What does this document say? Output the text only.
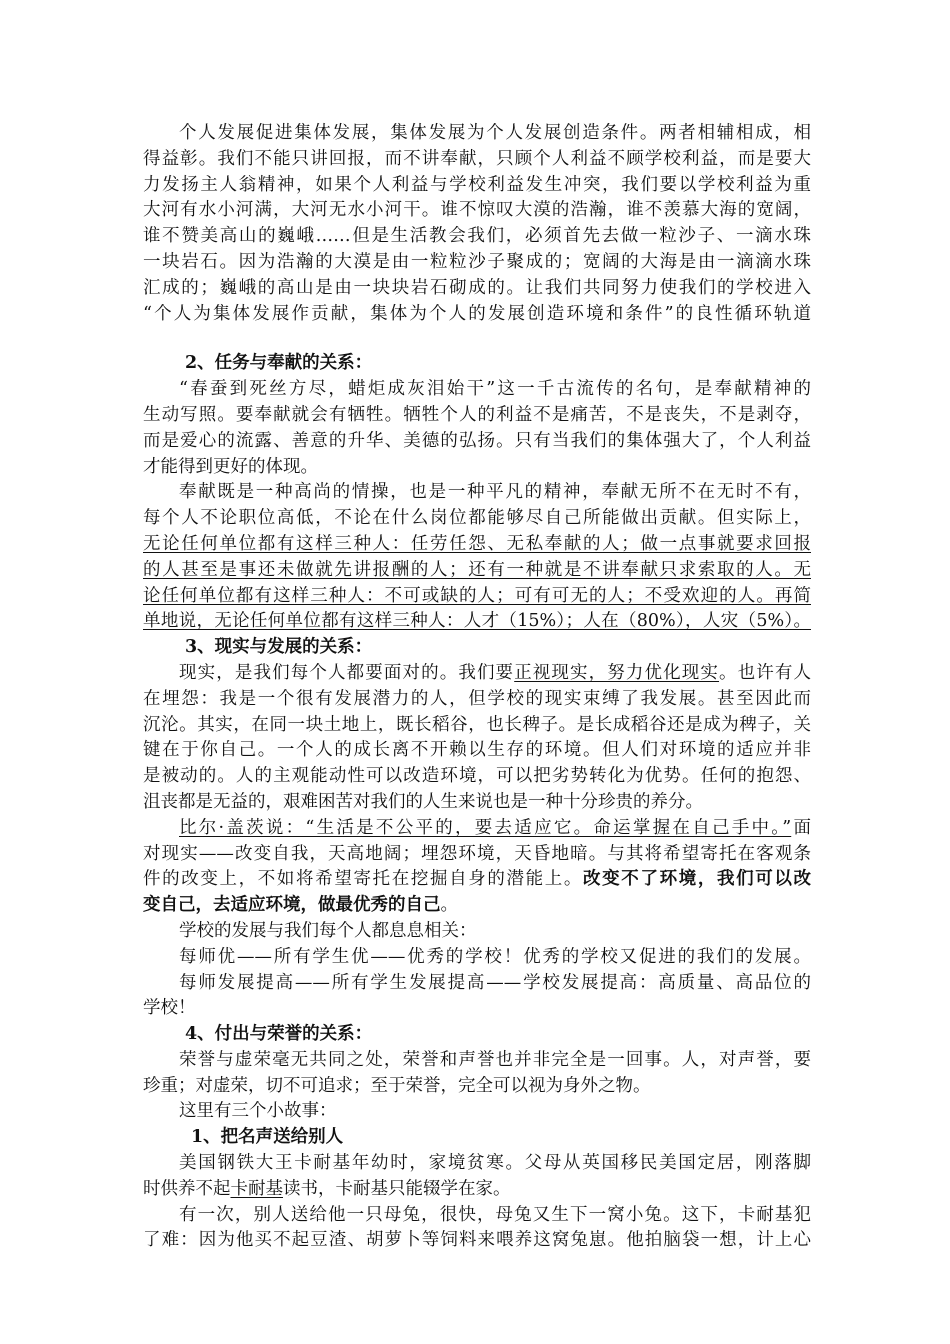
个人发展促进集体发展，集体发展为个人发展创造条件。两者相辅相成，相
得益彰。我们不能只讲回报，而不讲奉献，只顾个人利益不顾学校利益，而是要大
力发扬主人翁精神，如果个人利益与学校利益发生冲突，我们要以学校利益为重
大河有水小河满，大河无水小河干。谁不惊叹大漠的浩瀚，谁不羡慕大海的宽阔，
谁不赞美高山的巍峨……但是生活教会我们，必须首先去做一粒沙子、一滴水珠
一块岩石。因为浩瀚的大漠是由一粒粒沙子聚成的；宽阔的大海是由一滴滴水珠
汇成的；巍峨的高山是由一块块岩石砌成的。让我们共同努力使我们的学校进入
“个人为集体发展作贡献，集体为个人的发展创造环境和条件”的良性循环轨道
2、任务与奉献的关系：
“春蚕到死丝方尽，蜡炬成灰泪始干”这一千古流传的名句，是奉献精神的
生动写照。要奉献就会有牺牲。牺牲个人的利益不是痛苦，不是丧失，不是剥夺，
而是爱心的流露、善意的升华、美德的弘扬。只有当我们的集体强大了，个人利益
才能得到更好的体现。
奉献既是一种高尚的情操，也是一种平凡的精神，奉献无所不在无时不有，
每个人不论职位高低，不论在什么岗位都能够尽自己所能做出贡献。但实际上，
无论任何单位都有这样三种人：任劳任怨、无私奉献的人；做一点事就要求回报
的人甚至是事还未做就先讲报酬的人；还有一种就是不讲奉献只求索取的人。无
论任何单位都有这样三种人：不可或缺的人；可有可无的人；不受欢迎的人。再简
单地说，无论任何单位都有这样三种人：人才（15%）；人在（80%），人灾（5%）。
3、现实与发展的关系：
现实，是我们每个人都要面对的。我们要正视现实，努力优化现实。也许有人
在埋怨：我是一个很有发展潜力的人，但学校的现实束缚了我发展。甚至因此而
沉沦。其实，在同一块土地上，既长稻谷，也长稗子。是长成稻谷还是成为稗子，关
键在于你自己。一个人的成长离不开赖以生存的环境。但人们对环境的适应并非
是被动的。人的主观能动性可以改造环境，可以把劣势转化为优势。任何的抱怨、
沮丧都是无益的，艰难困苦对我们的人生来说也是一种十分珍贵的养分。
比尔·盖茨说：“生活是不公平的，要去适应它。命运掌握在自己手中。”面
对现实——改变自我，天高地阔；埋怨环境，天昏地暗。与其将希望寄托在客观条
件的改变上，不如将希望寄托在挖掘自身的潜能上。改变不了环境，我们可以改
变自己，去适应环境，做最优秀的自己。
学校的发展与我们每个人都息息相关：
每师优——所有学生优——优秀的学校！优秀的学校又促进的我们的发展。
每师发展提高——所有学生发展提高——学校发展提高：高质量、高品位的
学校！
4、付出与荣誉的关系：
荣誉与虚荣毫无共同之处，荣誉和声誉也并非完全是一回事。人，对声誉，要
珍重；对虚荣，切不可追求；至于荣誉，完全可以视为身外之物。
这里有三个小故事：
1、把名声送给别人
美国钢铁大王卡耐基年幼时，家境贫寒。父母从英国移民美国定居，刚落脚
时供养不起卡耐基读书，卡耐基只能辍学在家。
有一次，别人送给他一只母兔，很快，母兔又生下一窝小兔。这下，卡耐基犯
了难：因为他买不起豆渣、胡萝卜等饲料来喂养这窝兔崽。他拍脑袋一想，计上心
